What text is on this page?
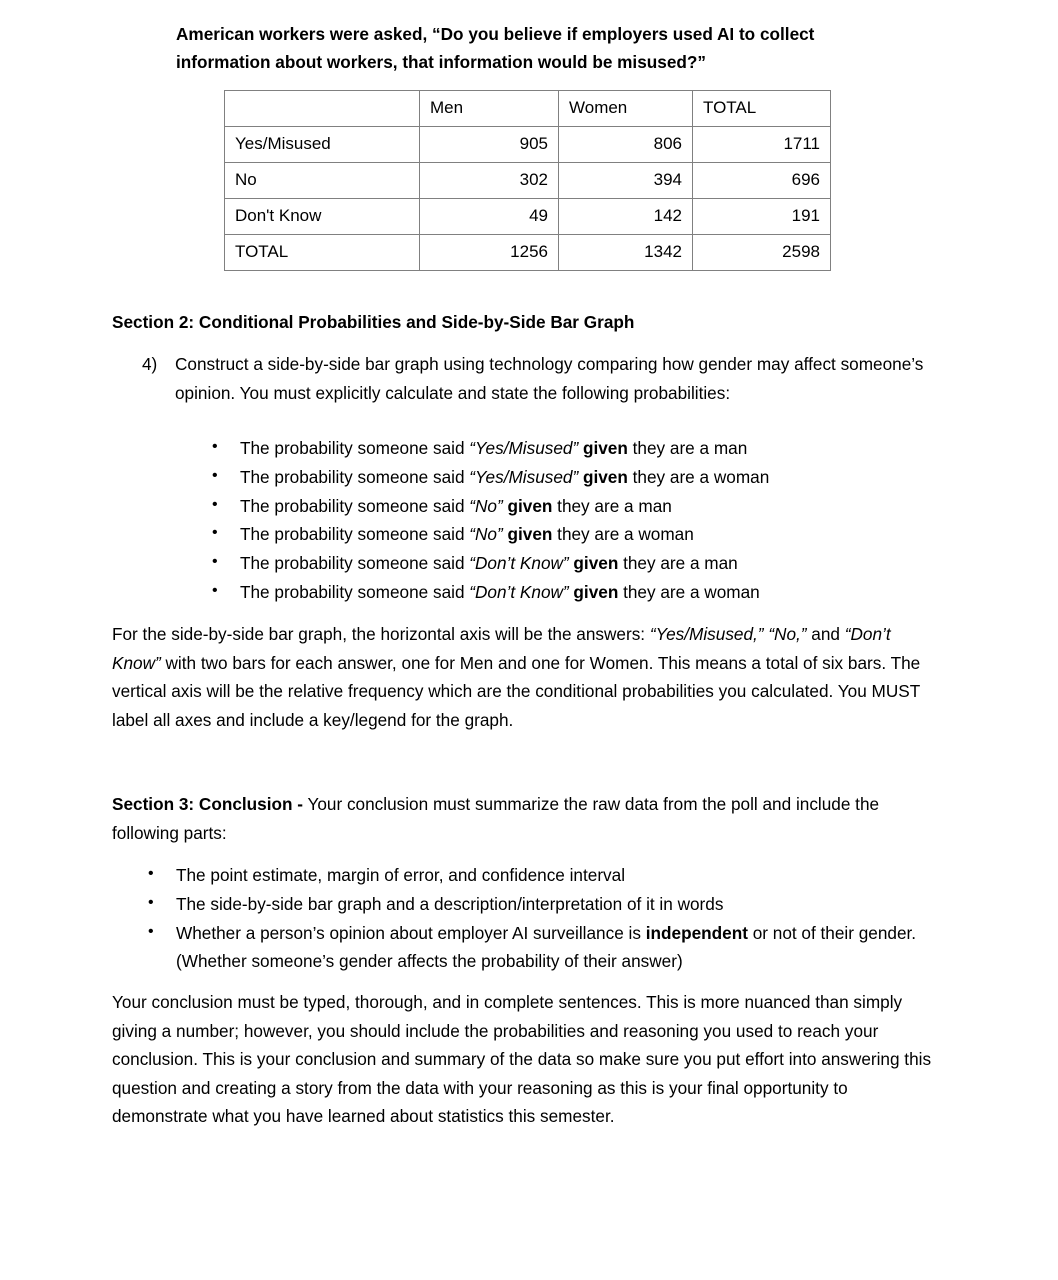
American workers were asked, “Do you believe if employers used AI to collect information about workers, that information would be misused?”
	Men	Women	TOTAL
Yes/Misused	905	806	1711
No	302	394	696
Don't Know	49	142	191
TOTAL	1256	1342	2598
Section 2: Conditional Probabilities and Side-by-Side Bar Graph
4) Construct a side-by-side bar graph using technology comparing how gender may affect someone’s opinion. You must explicitly calculate and state the following probabilities:
• The probability someone said “Yes/Misused” given they are a man
• The probability someone said “Yes/Misused” given they are a woman
• The probability someone said “No” given they are a man
• The probability someone said “No” given they are a woman
• The probability someone said “Don’t Know” given they are a man
• The probability someone said “Don’t Know” given they are a woman
For the side-by-side bar graph, the horizontal axis will be the answers: “Yes/Misused,” “No,” and “Don’t Know” with two bars for each answer, one for Men and one for Women. This means a total of six bars. The vertical axis will be the relative frequency which are the conditional probabilities you calculated. You MUST label all axes and include a key/legend for the graph.
Section 3: Conclusion - Your conclusion must summarize the raw data from the poll and include the following parts:
• The point estimate, margin of error, and confidence interval
• The side-by-side bar graph and a description/interpretation of it in words
• Whether a person’s opinion about employer AI surveillance is independent or not of their gender. (Whether someone’s gender affects the probability of their answer)
Your conclusion must be typed, thorough, and in complete sentences. This is more nuanced than simply giving a number; however, you should include the probabilities and reasoning you used to reach your conclusion. This is your conclusion and summary of the data so make sure you put effort into answering this question and creating a story from the data with your reasoning as this is your final opportunity to demonstrate what you have learned about statistics this semester.
